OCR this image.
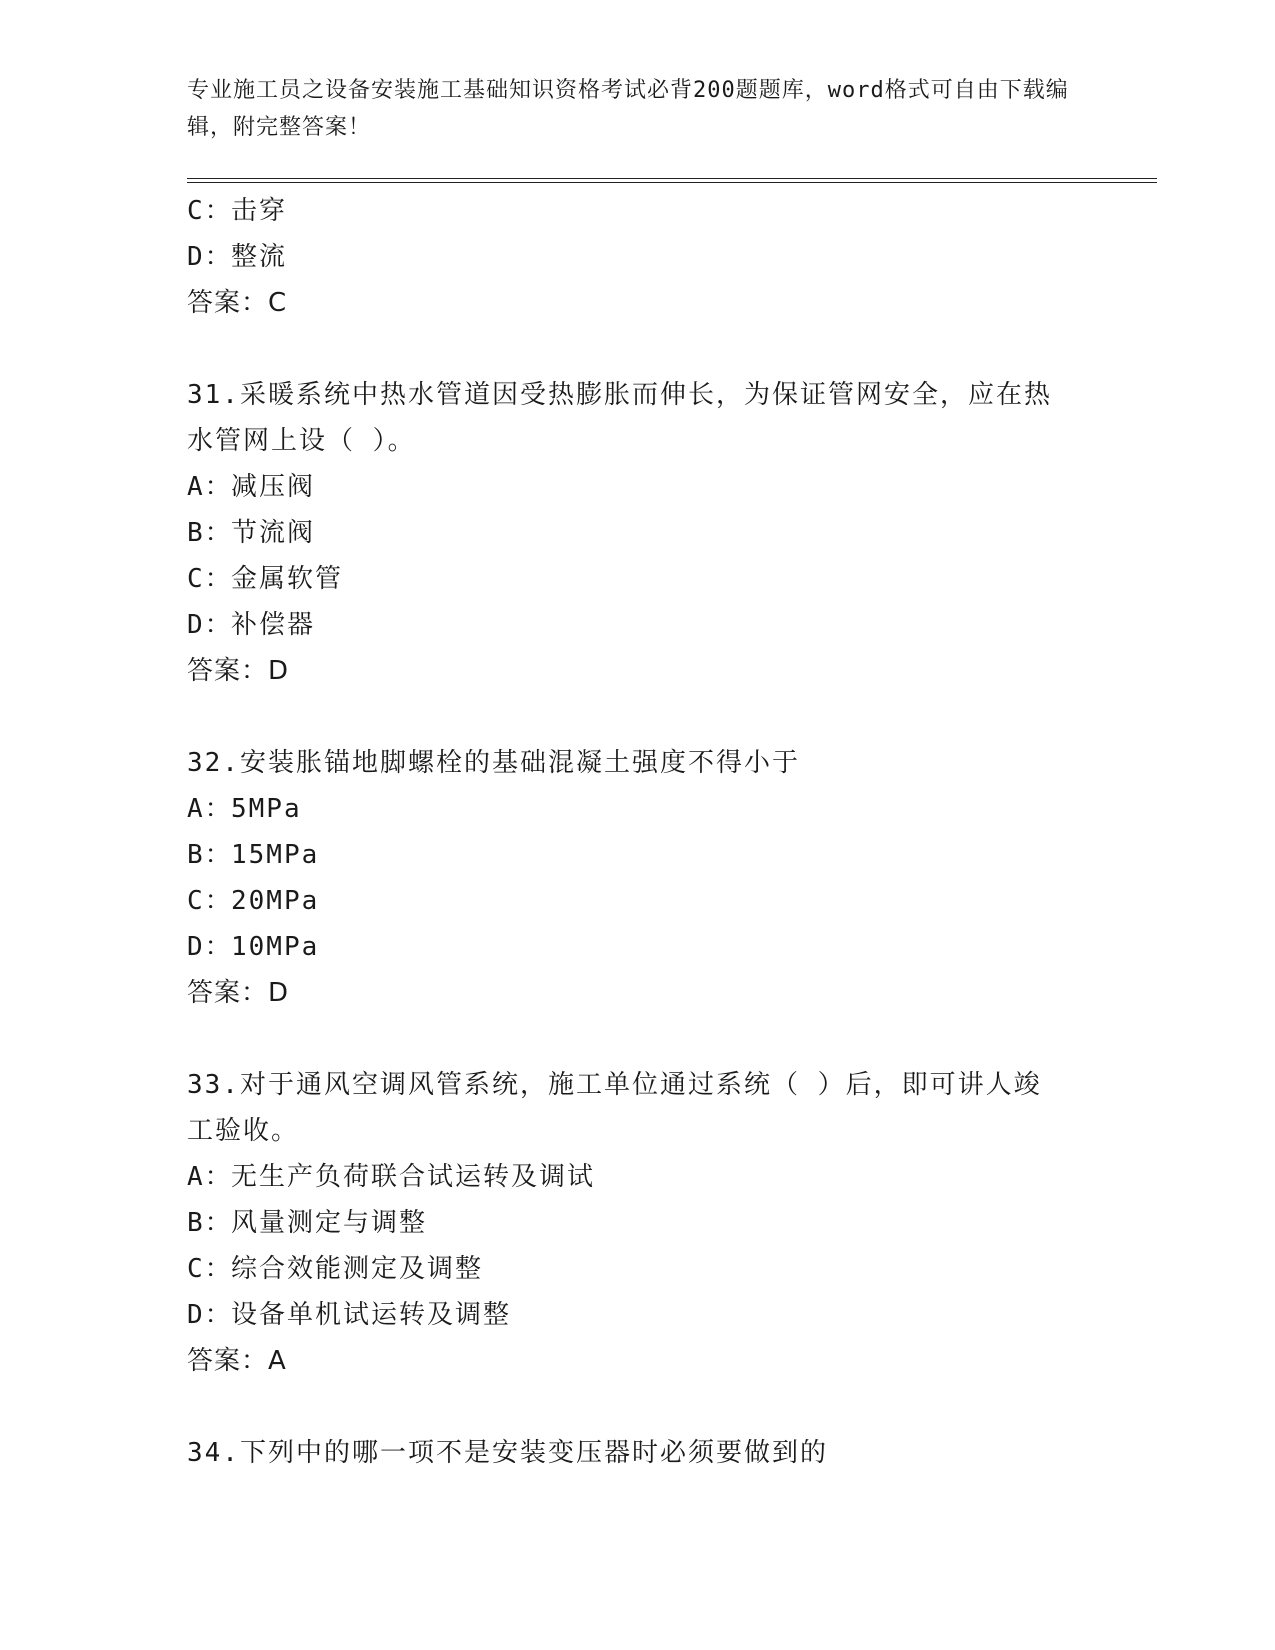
专业施工员之设备安装施工基础知识资格考试必背200题题库，word格式可自由下载编辑，附完整答案！
C：击穿
D：整流
答案：C
31.采暖系统中热水管道因受热膨胀而伸长，为保证管网安全，应在热
水管网上设（ ）。
A：减压阀
B：节流阀
C：金属软管
D：补偿器
答案：D
32.安装胀锚地脚螺栓的基础混凝土强度不得小于
A：5MPa
B：15MPa
C：20MPa
D：10MPa
答案：D
33.对于通风空调风管系统，施工单位通过系统（ ）后，即可讲人竣
工验收。
A：无生产负荷联合试运转及调试
B：风量测定与调整
C：综合效能测定及调整
D：设备单机试运转及调整
答案：A
34.下列中的哪一项不是安装变压器时必须要做到的
